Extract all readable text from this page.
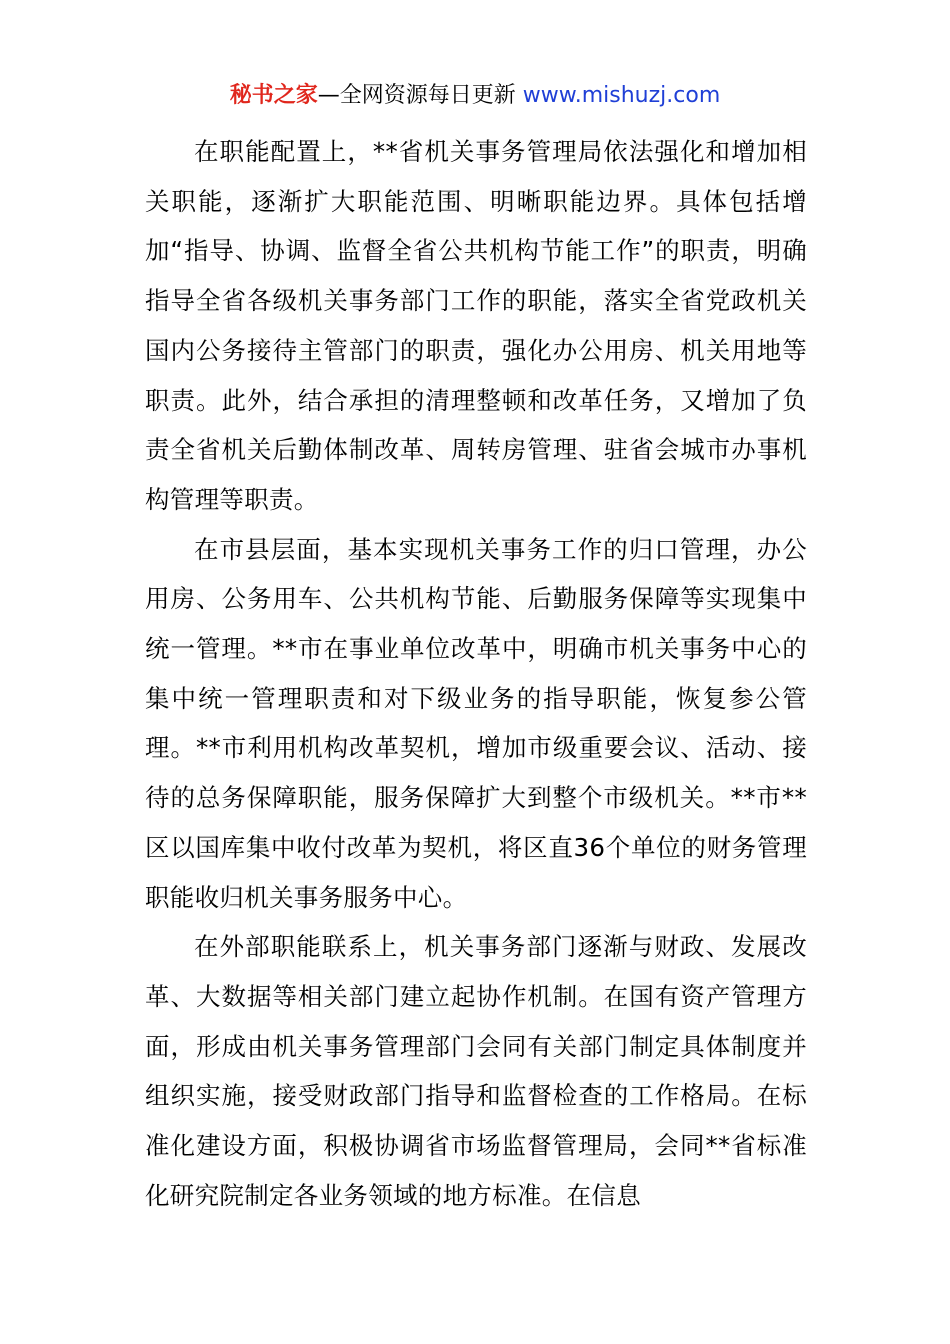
秘书之家—全网资源每日更新 www.mishuzj.com

在职能配置上，**省机关事务管理局依法强化和增加相关职能，逐渐扩大职能范围、明晰职能边界。具体包括增加“指导、协调、监督全省公共机构节能工作”的职责，明确指导全省各级机关事务部门工作的职能，落实全省党政机关国内公务接待主管部门的职责，强化办公用房、机关用地等职责。此外，结合承担的清理整顿和改革任务，又增加了负责全省机关后勤体制改革、周转房管理、驻省会城市办事机构管理等职责。

在市县层面，基本实现机关事务工作的归口管理，办公用房、公务用车、公共机构节能、后勤服务保障等实现集中统一管理。**市在事业单位改革中，明确市机关事务中心的集中统一管理职责和对下级业务的指导职能，恢复参公管理。**市利用机构改革契机，增加市级重要会议、活动、接待的总务保障职能，服务保障扩大到整个市级机关。**市**区以国库集中收付改革为契机，将区直36个单位的财务管理职能收归机关事务服务中心。

在外部职能联系上，机关事务部门逐渐与财政、发展改革、大数据等相关部门建立起协作机制。在国有资产管理方面，形成由机关事务管理部门会同有关部门制定具体制度并组织实施，接受财政部门指导和监督检查的工作格局。在标准化建设方面，积极协调省市场监督管理局，会同**省标准化研究院制定各业务领域的地方标准。在信息
